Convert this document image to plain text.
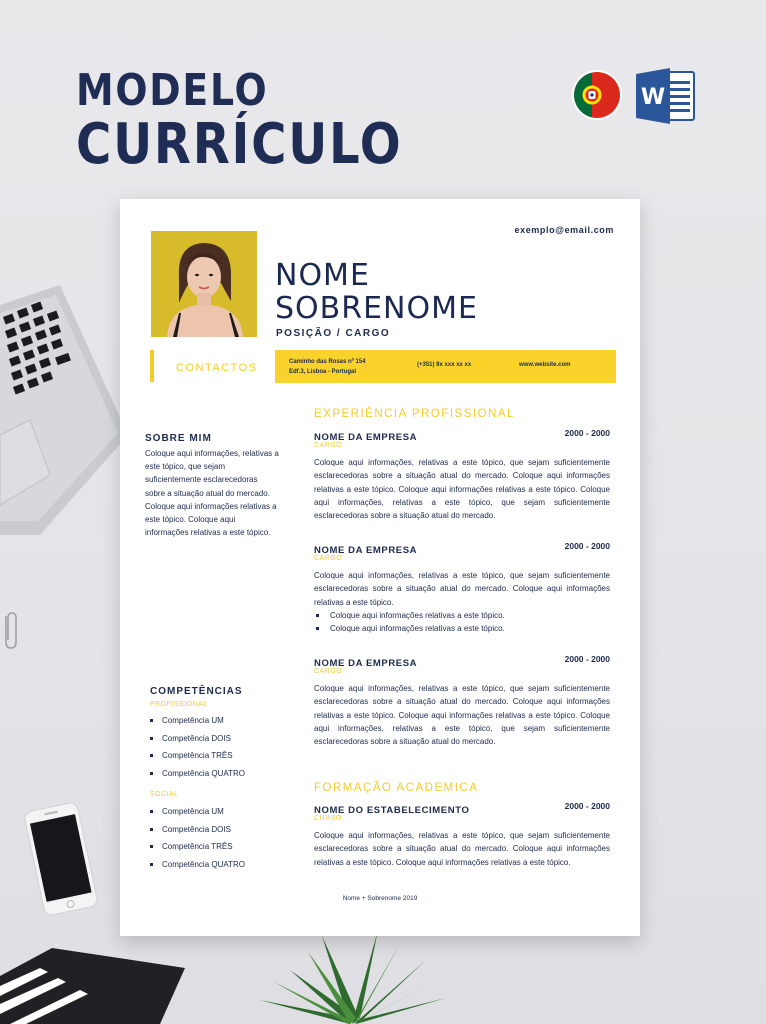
MODELO
CURRÍCULO
W
exemplo@email.com
NOME
SOBRENOME
POSIÇÃO / CARGO
CONTACTOS	Caminho das Rosas nº 154
Edf.3, Lisboa - Portugal
(+351) 9x xxx xx xx	www.website.com
SOBRE MIM
Coloque aqui informações, relativas a este tópico, que sejam suficientemente esclarecedoras sobre a situação atual do mercado. Coloque aqui informações relativas a este tópico. Coloque aqui informações relativas a este tópico.
COMPETÊNCIAS
PROFISSIONAL
Competência UM
Competência DOIS
Competência TRÊS
Competência QUATRO
SOCIAL
Competência UM
Competência DOIS
Competência TRÊS
Competência QUATRO
EXPERIÊNCIA PROFISSIONAL
NOME DA EMPRESA	2000 - 2000
CARGO
Coloque aqui informações, relativas a este tópico, que sejam suficientemente esclarecedoras sobre a situação atual do mercado. Coloque aqui informações relativas a este tópico. Coloque aqui informações relativas a este tópico. Coloque aqui informações, relativas a este tópico, que sejam suficientemente esclarecedoras sobre a situação atual do mercado.
NOME DA EMPRESA	2000 - 2000
CARGO
Coloque aqui informações, relativas a este tópico, que sejam suficientemente esclarecedoras sobre a situação atual do mercado. Coloque aqui informações relativas a este tópico.
Coloque aqui informações relativas a este tópico.
Coloque aqui informações relativas a este tópico.
NOME DA EMPRESA	2000 - 2000
CARGO
Coloque aqui informações, relativas a este tópico, que sejam suficientemente esclarecedoras sobre a situação atual do mercado. Coloque aqui informações relativas a este tópico. Coloque aqui informações relativas a este tópico. Coloque aqui informações, relativas a este tópico, que sejam suficientemente esclarecedoras sobre a situação atual do mercado.
FORMAÇÃO ACADEMICA
NOME DO ESTABELECIMENTO	2000 - 2000
CURSO
Coloque aqui informações, relativas a este tópico, que sejam suficientemente esclarecedoras sobre a situação atual do mercado. Coloque aqui informações relativas a este tópico. Coloque aqui informações relativas a este tópico.
Nome + Sobrenome 2019
